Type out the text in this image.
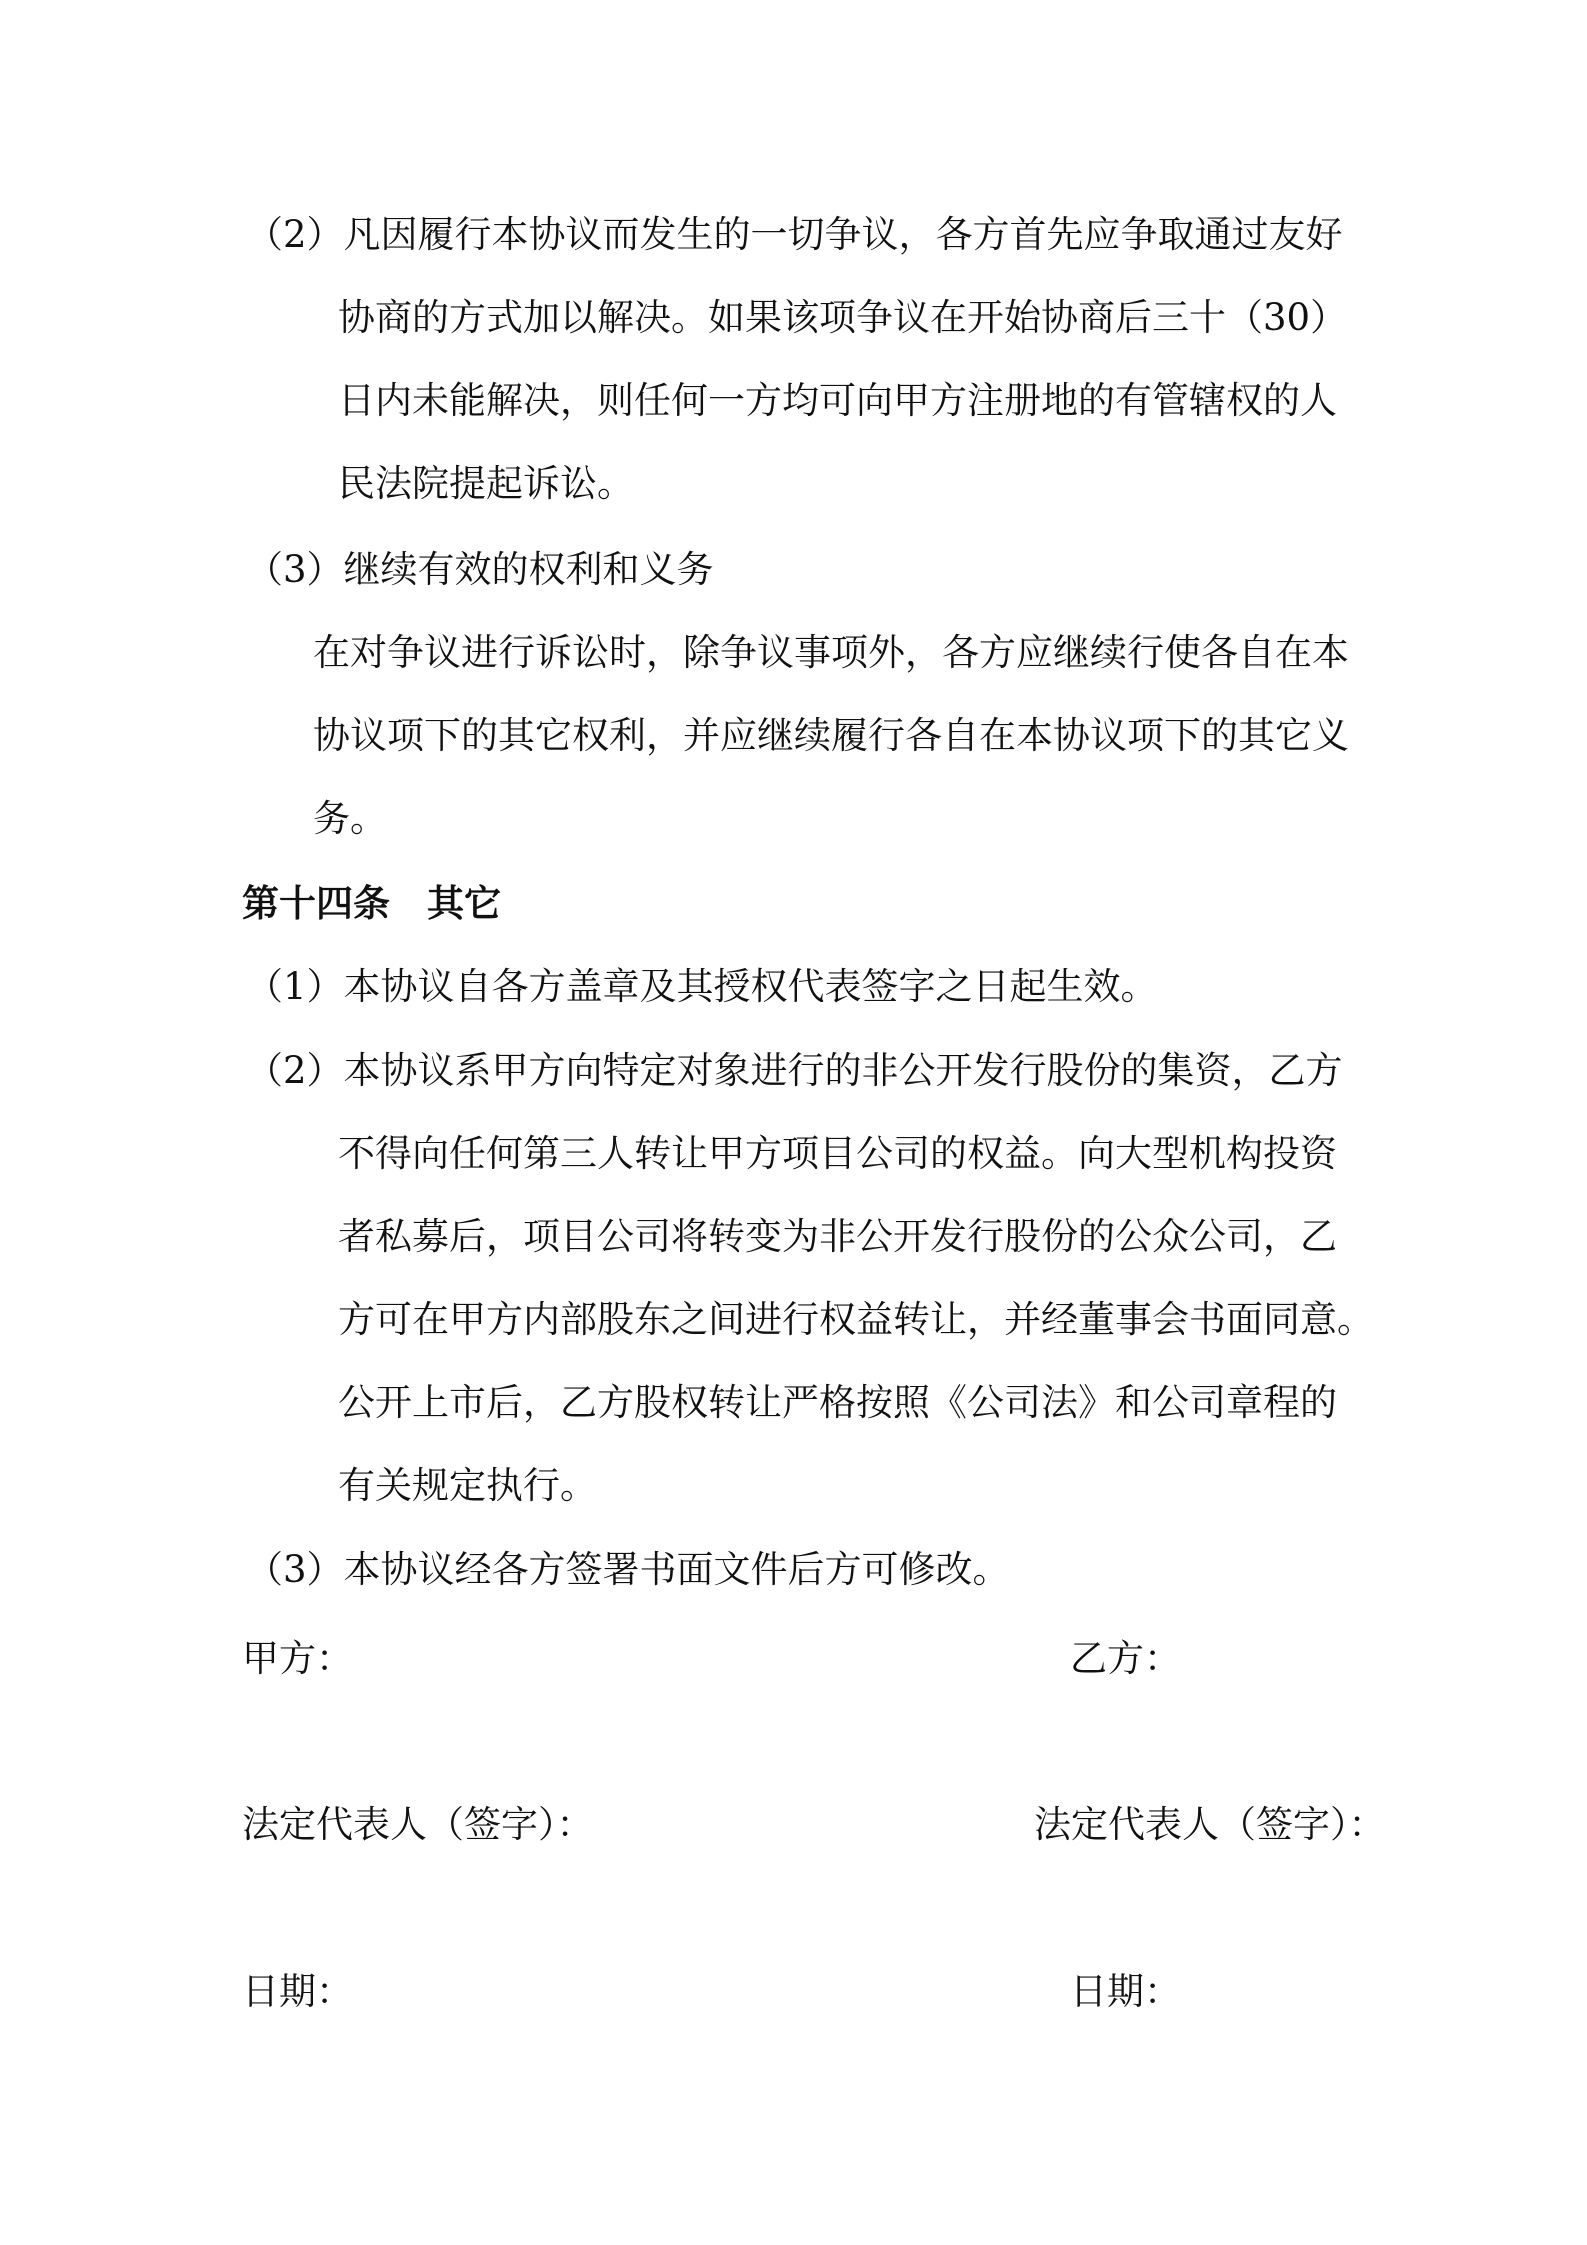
（2）凡因履行本协议而发生的一切争议，各方首先应争取通过友好

协商的方式加以解决。如果该项争议在开始协商后三十（30）

日内未能解决，则任何一方均可向甲方注册地的有管辖权的人

民法院提起诉讼。

（3）继续有效的权利和义务

在对争议进行诉讼时，除争议事项外，各方应继续行使各自在本

协议项下的其它权利，并应继续履行各自在本协议项下的其它义

务。

第十四条　其它

（1）本协议自各方盖章及其授权代表签字之日起生效。

（2）本协议系甲方向特定对象进行的非公开发行股份的集资，乙方

不得向任何第三人转让甲方项目公司的权益。向大型机构投资

者私募后，项目公司将转变为非公开发行股份的公众公司，乙

方可在甲方内部股东之间进行权益转让，并经董事会书面同意。

公开上市后，乙方股权转让严格按照《公司法》和公司章程的

有关规定执行。

（3）本协议经各方签署书面文件后方可修改。

甲方：	乙方：

法定代表人（签字）：	法定代表人（签字）：

日期：	日期：
